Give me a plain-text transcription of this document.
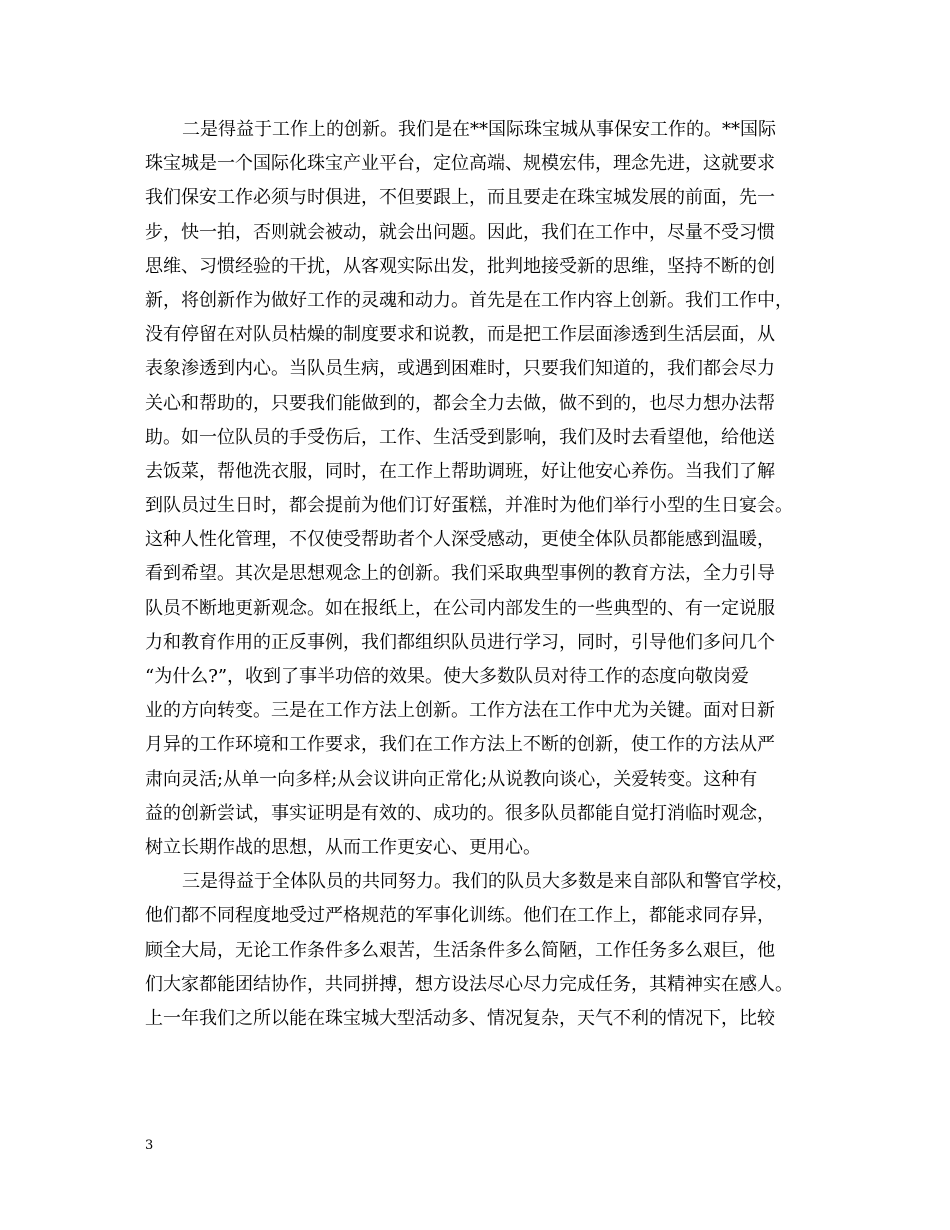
二是得益于工作上的创新。我们是在**国际珠宝城从事保安工作的。**国际
珠宝城是一个国际化珠宝产业平台，定位高端、规模宏伟，理念先进，这就要求
我们保安工作必须与时俱进，不但要跟上，而且要走在珠宝城发展的前面，先一
步，快一拍，否则就会被动，就会出问题。因此，我们在工作中，尽量不受习惯
思维、习惯经验的干扰，从客观实际出发，批判地接受新的思维，坚持不断的创
新，将创新作为做好工作的灵魂和动力。首先是在工作内容上创新。我们工作中，
没有停留在对队员枯燥的制度要求和说教，而是把工作层面渗透到生活层面，从
表象渗透到内心。当队员生病，或遇到困难时，只要我们知道的，我们都会尽力
关心和帮助的，只要我们能做到的，都会全力去做，做不到的，也尽力想办法帮
助。如一位队员的手受伤后，工作、生活受到影响，我们及时去看望他，给他送
去饭菜，帮他洗衣服，同时，在工作上帮助调班，好让他安心养伤。当我们了解
到队员过生日时，都会提前为他们订好蛋糕，并准时为他们举行小型的生日宴会。
这种人性化管理，不仅使受帮助者个人深受感动，更使全体队员都能感到温暖，
看到希望。其次是思想观念上的创新。我们采取典型事例的教育方法，全力引导
队员不断地更新观念。如在报纸上，在公司内部发生的一些典型的、有一定说服
力和教育作用的正反事例，我们都组织队员进行学习，同时，引导他们多问几个
“为什么?”，收到了事半功倍的效果。使大多数队员对待工作的态度向敬岗爱
业的方向转变。三是在工作方法上创新。工作方法在工作中尤为关键。面对日新
月异的工作环境和工作要求，我们在工作方法上不断的创新，使工作的方法从严
肃向灵活;从单一向多样;从会议讲向正常化;从说教向谈心，关爱转变。这种有
益的创新尝试，事实证明是有效的、成功的。很多队员都能自觉打消临时观念，
树立长期作战的思想，从而工作更安心、更用心。
三是得益于全体队员的共同努力。我们的队员大多数是来自部队和警官学校，
他们都不同程度地受过严格规范的军事化训练。他们在工作上，都能求同存异，
顾全大局，无论工作条件多么艰苦，生活条件多么简陋，工作任务多么艰巨，他
们大家都能团结协作，共同拼搏，想方设法尽心尽力完成任务，其精神实在感人。
上一年我们之所以能在珠宝城大型活动多、情况复杂，天气不利的情况下，比较
3
